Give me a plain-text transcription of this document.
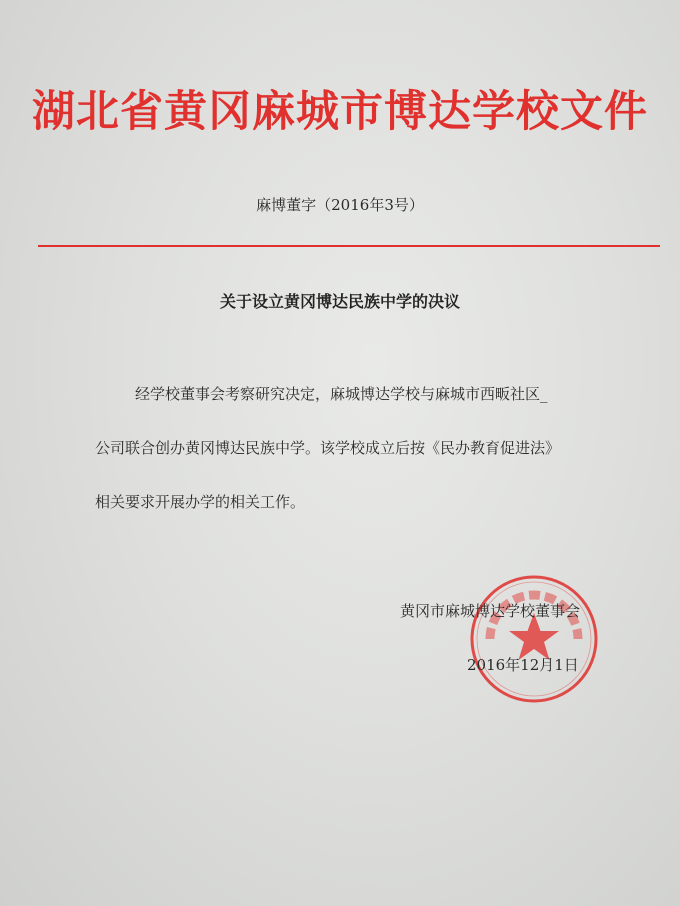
湖北省黄冈麻城市博达学校文件
麻博董字（2016年3号）
关于设立黄冈博达民族中学的决议
经学校董事会考察研究决定，麻城博达学校与麻城市西畈社区_
公司联合创办黄冈博达民族中学。该学校成立后按《民办教育促进法》
相关要求开展办学的相关工作。
黄冈市麻城博达学校董事会
2016年12月1日
